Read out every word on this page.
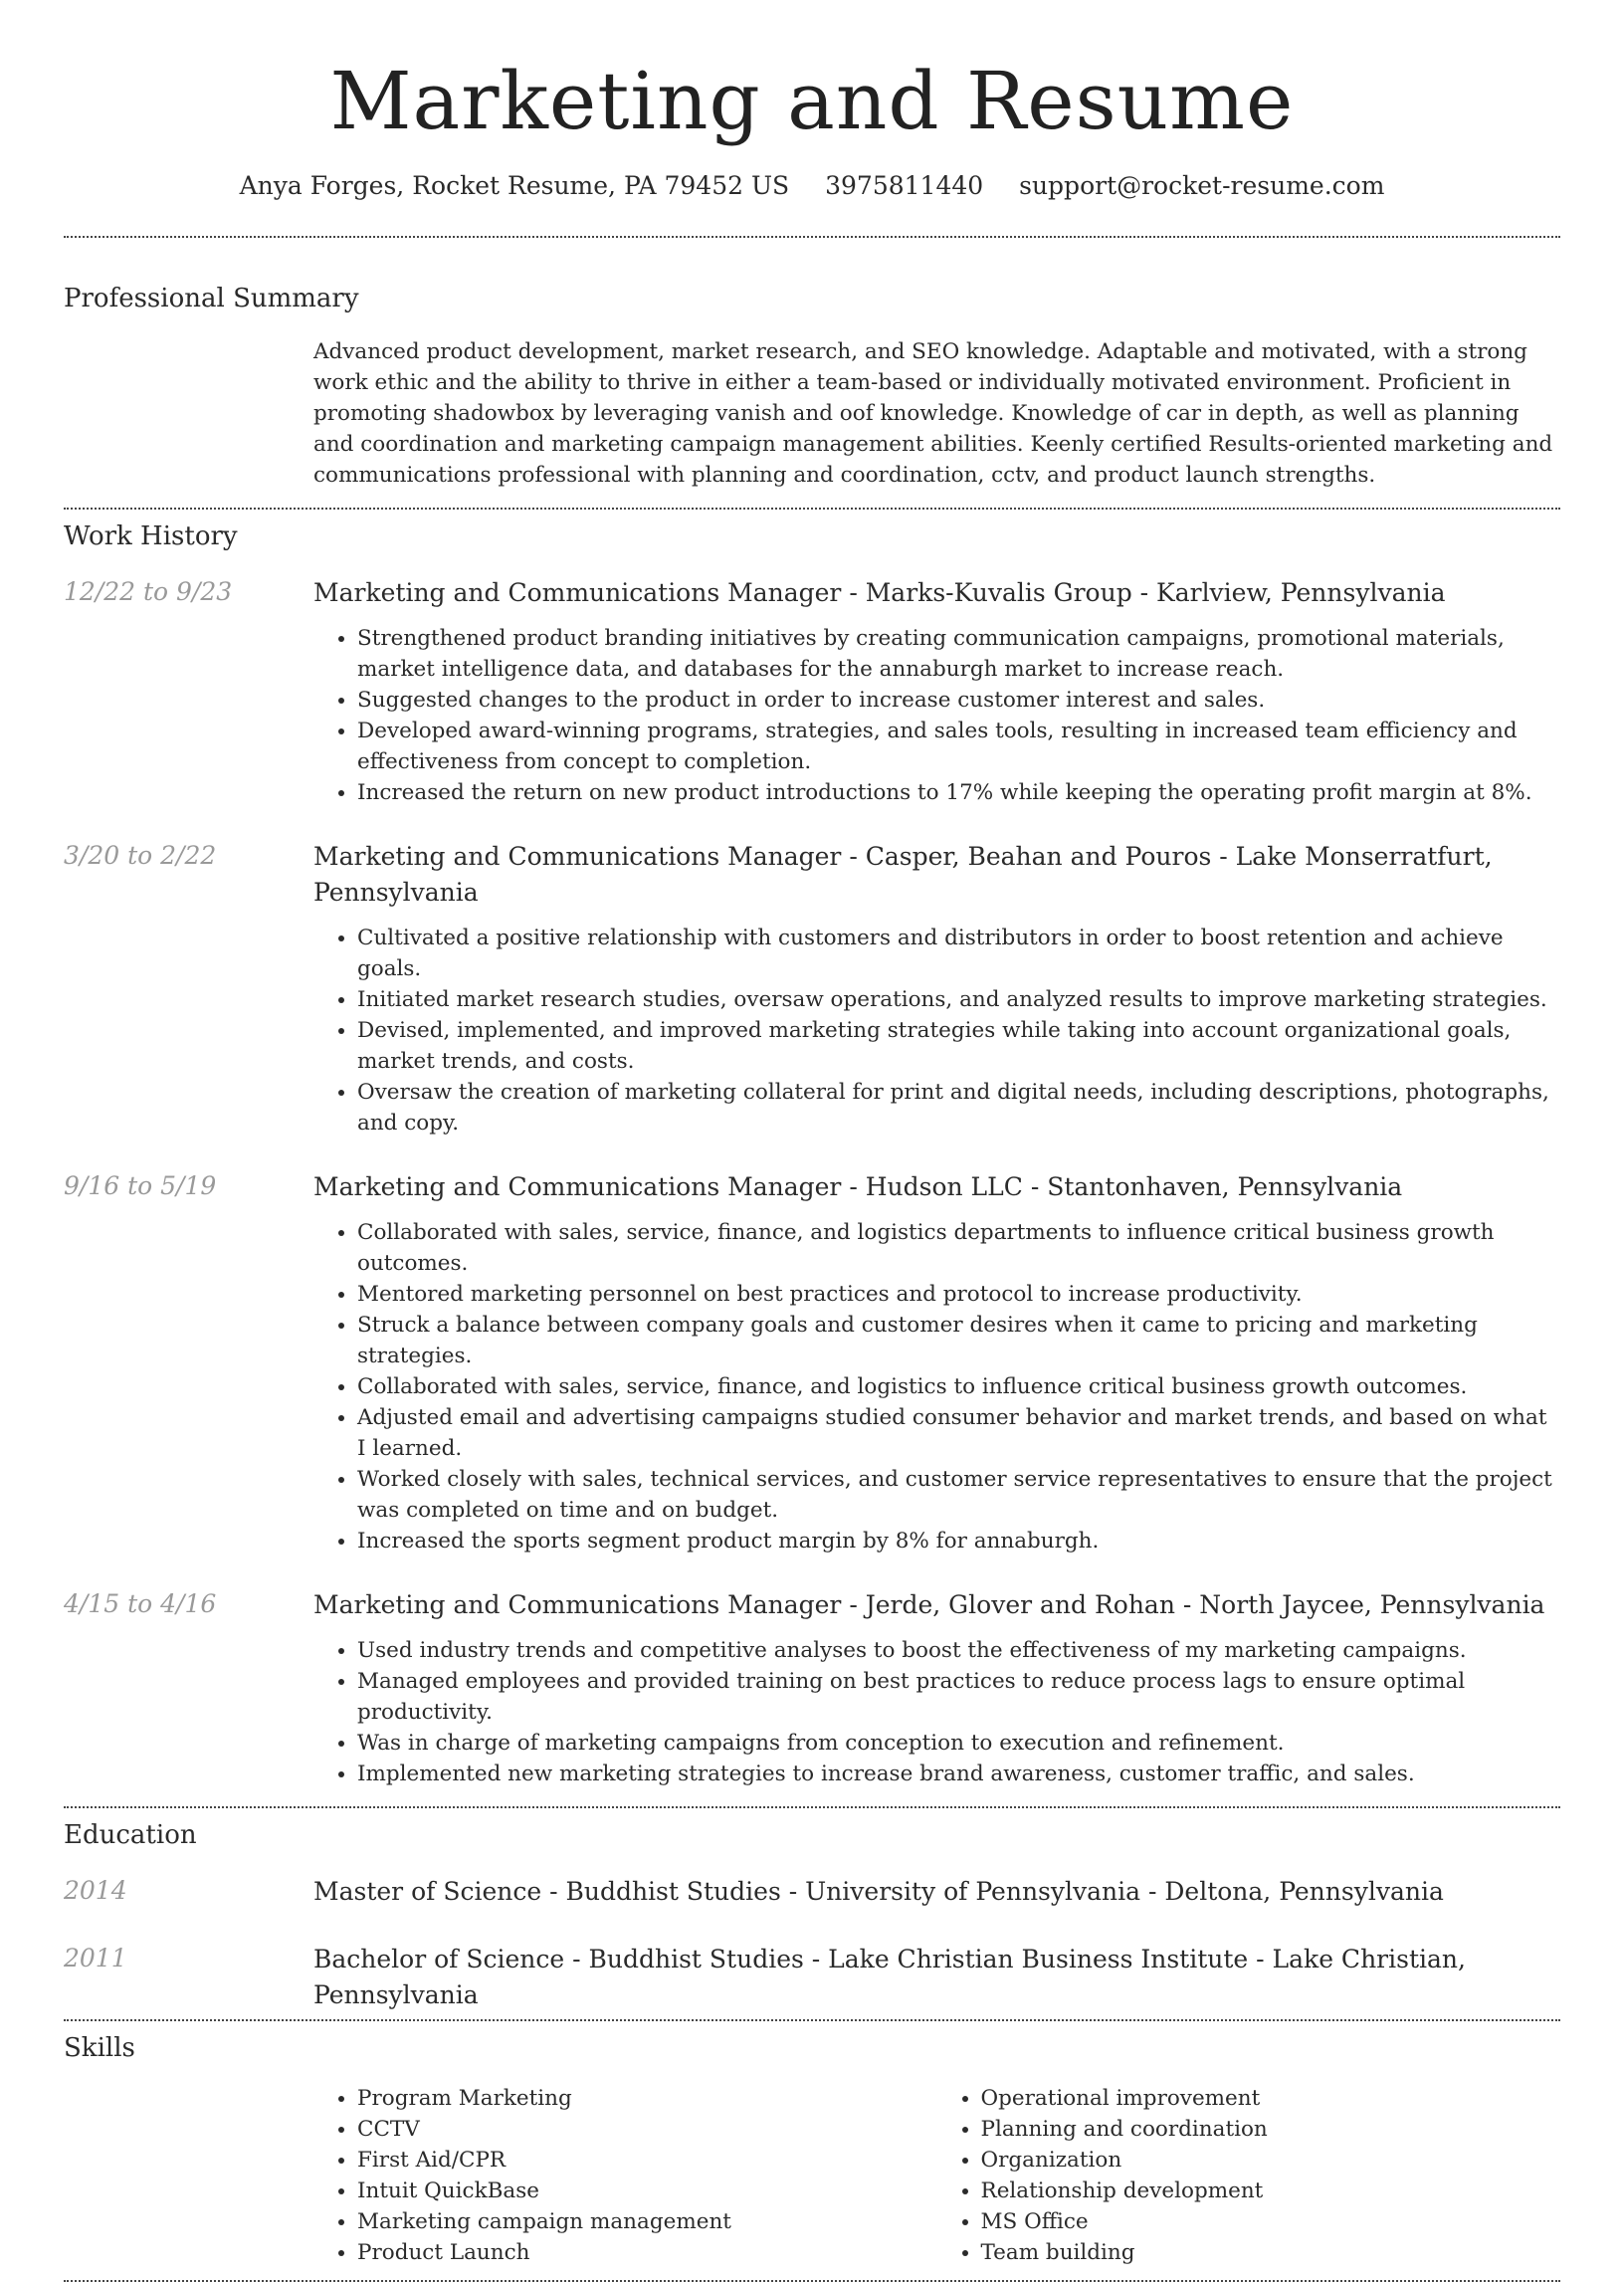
Marketing and Resume
Anya Forges, Rocket Resume, PA 79452 US 3975811440 support@rocket-resume.com
Professional Summary

Advanced product development, market research, and SEO knowledge. Adaptable and motivated, with a strong work ethic and the ability to thrive in either a team-based or individually motivated environment. Proficient in promoting shadowbox by leveraging vanish and oof knowledge. Knowledge of car in depth, as well as planning and coordination and marketing campaign management abilities. Keenly certified Results-oriented marketing and communications professional with planning and coordination, cctv, and product launch strengths.

Work History
12/22 to 9/23	Marketing and Communications Manager - Marks-Kuvalis Group - Karlview, Pennsylvania

• Strengthened product branding initiatives by creating communication campaigns, promotional materials, market intelligence data, and databases for the annaburgh market to increase reach.
• Suggested changes to the product in order to increase customer interest and sales.
• Developed award-winning programs, strategies, and sales tools, resulting in increased team efficiency and effectiveness from concept to completion.
• Increased the return on new product introductions to 17% while keeping the operating profit margin at 8%.
3/20 to 2/22	Marketing and Communications Manager - Casper, Beahan and Pouros - Lake Monserratfurt, Pennsylvania

• Cultivated a positive relationship with customers and distributors in order to boost retention and achieve goals.
• Initiated market research studies, oversaw operations, and analyzed results to improve marketing strategies.
• Devised, implemented, and improved marketing strategies while taking into account organizational goals, market trends, and costs.
• Oversaw the creation of marketing collateral for print and digital needs, including descriptions, photographs, and copy.
9/16 to 5/19	Marketing and Communications Manager - Hudson LLC - Stantonhaven, Pennsylvania

• Collaborated with sales, service, finance, and logistics departments to influence critical business growth outcomes.
• Mentored marketing personnel on best practices and protocol to increase productivity.
• Struck a balance between company goals and customer desires when it came to pricing and marketing strategies.
• Collaborated with sales, service, finance, and logistics to influence critical business growth outcomes.
• Adjusted email and advertising campaigns studied consumer behavior and market trends, and based on what I learned.
• Worked closely with sales, technical services, and customer service representatives to ensure that the project was completed on time and on budget.
• Increased the sports segment product margin by 8% for annaburgh.
4/15 to 4/16	Marketing and Communications Manager - Jerde, Glover and Rohan - North Jaycee, Pennsylvania

• Used industry trends and competitive analyses to boost the effectiveness of my marketing campaigns.
• Managed employees and provided training on best practices to reduce process lags to ensure optimal productivity.
• Was in charge of marketing campaigns from conception to execution and refinement.
• Implemented new marketing strategies to increase brand awareness, customer traffic, and sales.
Education
2014	Master of Science - Buddhist Studies - University of Pennsylvania - Deltona, Pennsylvania

2011	Bachelor of Science - Buddhist Studies - Lake Christian Business Institute - Lake Christian, Pennsylvania

Skills
• Program Marketing
• CCTV
• First Aid/CPR
• Intuit QuickBase
• Marketing campaign management
• Product Launch
• Operational improvement
• Planning and coordination
• Organization
• Relationship development
• MS Office
• Team building
